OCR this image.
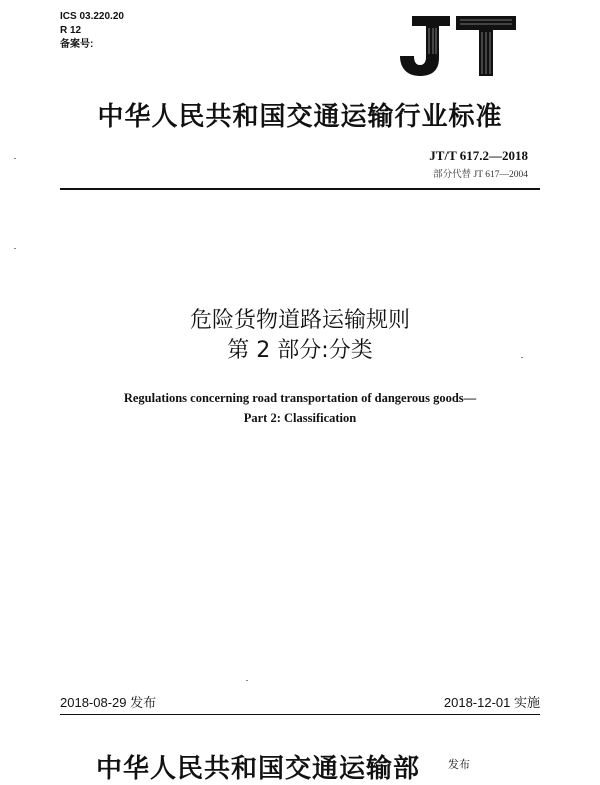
ICS 03.220.20
R 12
备案号:
中华人民共和国交通运输行业标准
JT/T 617.2—2018
部分代替 JT 617—2004
危险货物道路运输规则
第 2 部分:分类
Regulations concerning road transportation of dangerous goods—
Part 2: Classification
2018-08-29 发布	2018-12-01 实施
中华人民共和国交通运输部	发布
